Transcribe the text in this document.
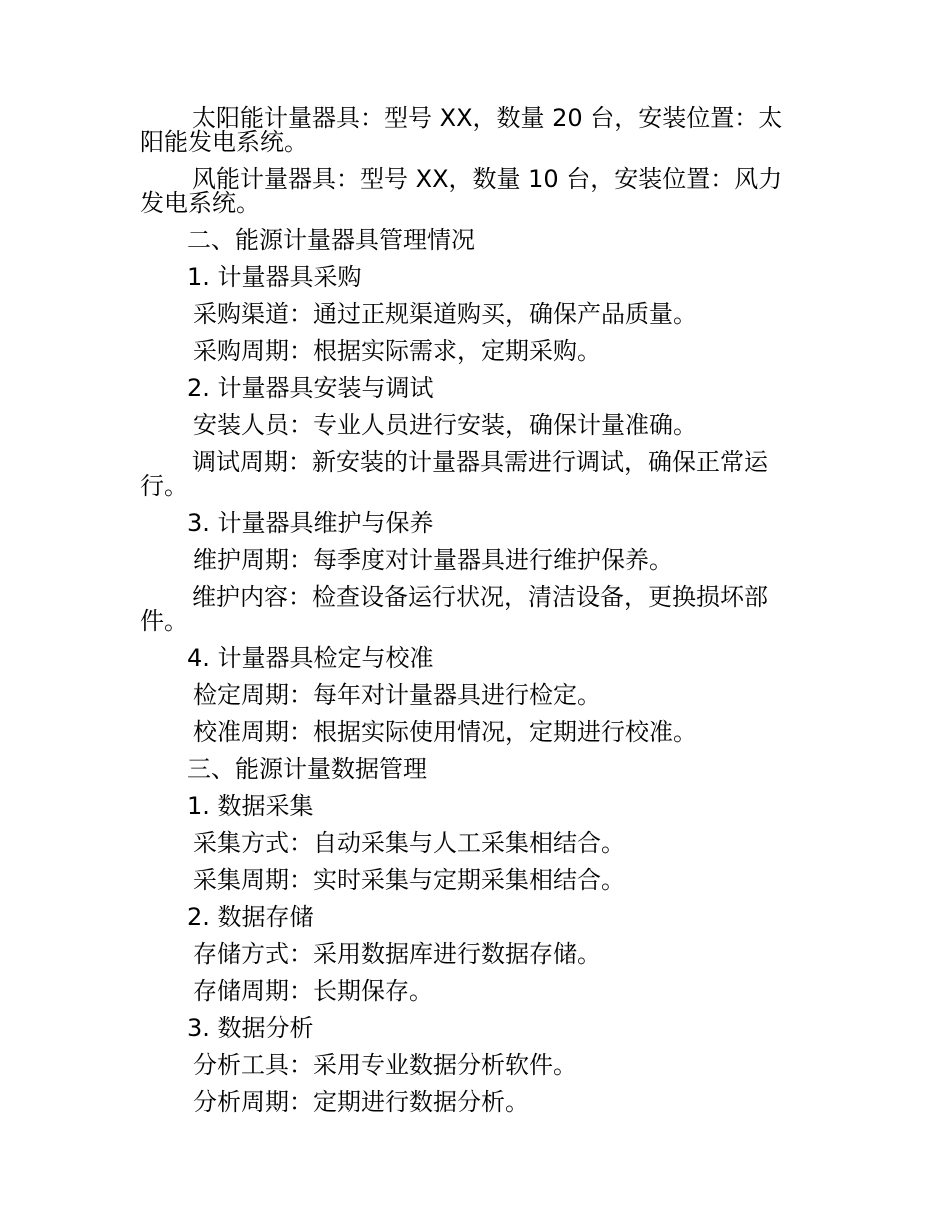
太阳能计量器具：型号 XX，数量 20 台，安装位置：太阳能发电系统。

风能计量器具：型号 XX，数量 10 台，安装位置：风力发电系统。

二、能源计量器具管理情况

1. 计量器具采购

采购渠道：通过正规渠道购买，确保产品质量。

采购周期：根据实际需求，定期采购。

2. 计量器具安装与调试

安装人员：专业人员进行安装，确保计量准确。

调试周期：新安装的计量器具需进行调试，确保正常运行。

3. 计量器具维护与保养

维护周期：每季度对计量器具进行维护保养。

维护内容：检查设备运行状况，清洁设备，更换损坏部件。

4. 计量器具检定与校准

检定周期：每年对计量器具进行检定。

校准周期：根据实际使用情况，定期进行校准。

三、能源计量数据管理

1. 数据采集

采集方式：自动采集与人工采集相结合。

采集周期：实时采集与定期采集相结合。

2. 数据存储

存储方式：采用数据库进行数据存储。

存储周期：长期保存。

3. 数据分析

分析工具：采用专业数据分析软件。

分析周期：定期进行数据分析。
